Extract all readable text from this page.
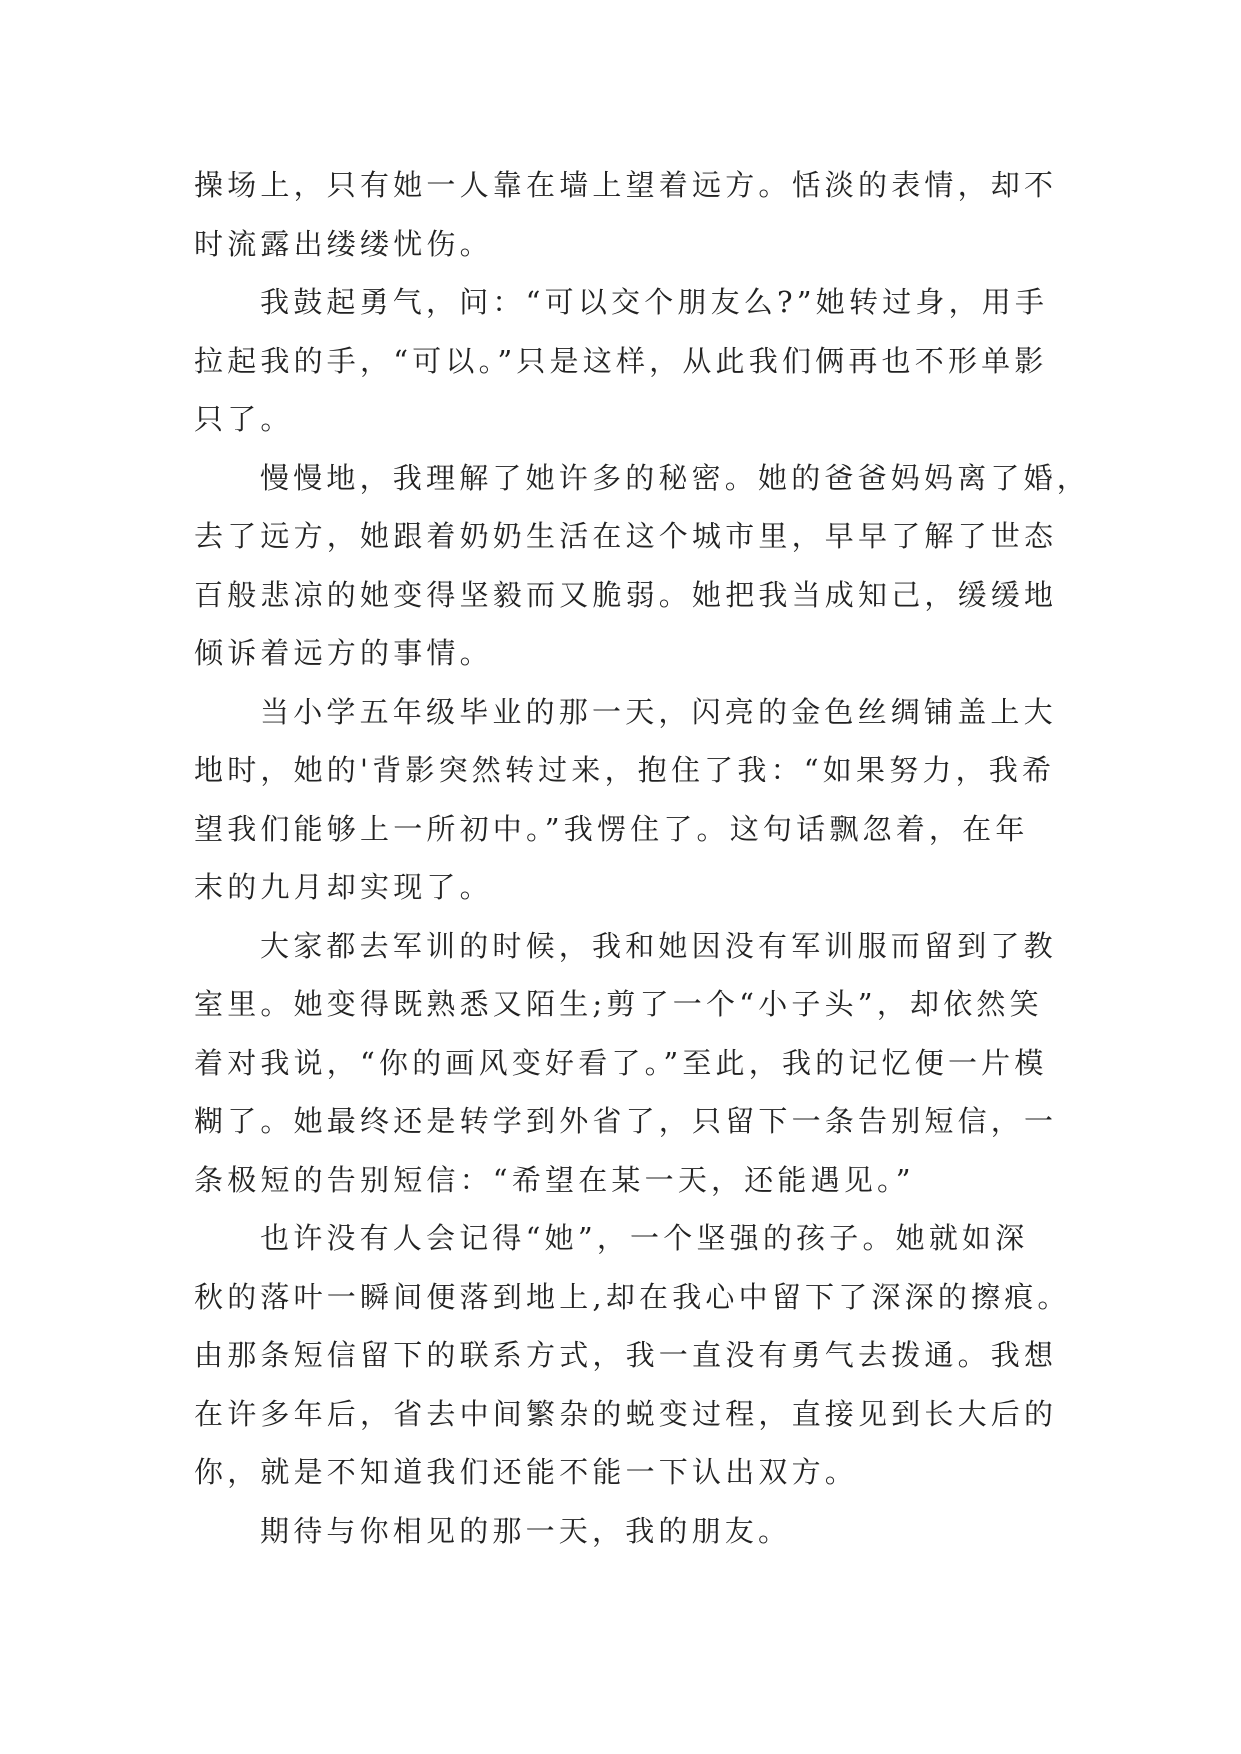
操场上，只有她一人靠在墙上望着远方。恬淡的表情，却不
时流露出缕缕忧伤。

我鼓起勇气，问：“可以交个朋友么?”她转过身，用手
拉起我的手，“可以。”只是这样，从此我们俩再也不形单影
只了。

慢慢地，我理解了她许多的秘密。她的爸爸妈妈离了婚，
去了远方，她跟着奶奶生活在这个城市里，早早了解了世态
百般悲凉的她变得坚毅而又脆弱。她把我当成知己，缓缓地
倾诉着远方的事情。

当小学五年级毕业的那一天，闪亮的金色丝绸铺盖上大
地时，她的'背影突然转过来，抱住了我：“如果努力，我希
望我们能够上一所初中。”我愣住了。这句话飘忽着，在年
末的九月却实现了。

大家都去军训的时候，我和她因没有军训服而留到了教
室里。她变得既熟悉又陌生;剪了一个“小子头”，却依然笑
着对我说，“你的画风变好看了。”至此，我的记忆便一片模
糊了。她最终还是转学到外省了，只留下一条告别短信，一
条极短的告别短信：“希望在某一天，还能遇见。”

也许没有人会记得“她”，一个坚强的孩子。她就如深
秋的落叶一瞬间便落到地上,却在我心中留下了深深的擦痕。
由那条短信留下的联系方式，我一直没有勇气去拨通。我想
在许多年后，省去中间繁杂的蜕变过程，直接见到长大后的
你，就是不知道我们还能不能一下认出双方。

期待与你相见的那一天，我的朋友。
